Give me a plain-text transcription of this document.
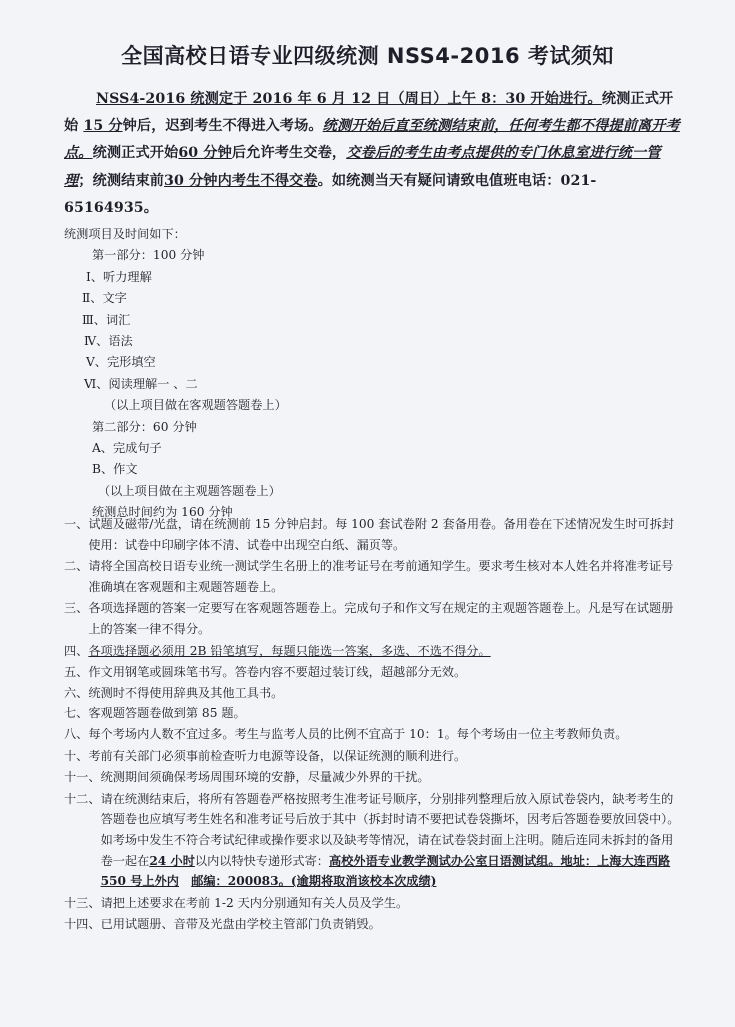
全国高校日语专业四级统测 NSS4-2016 考试须知

NSS4-2016 统测定于 2016 年 6 月 12 日（周日）上午 8：30 开始进行。统测正式开始 15 分钟后，迟到考生不得进入考场。统测开始后直至统测结束前，任何考生都不得提前离开考点。统测正式开始60 分钟后允许考生交卷，交卷后的考生由考点提供的专门休息室进行统一管理；统测结束前30 分钟内考生不得交卷。如统测当天有疑问请致电值班电话：021-65164935。

统测项目及时间如下：
第一部分：100 分钟
Ⅰ、听力理解
Ⅱ、文字
Ⅲ、词汇
Ⅳ、语法
Ⅴ、完形填空
Ⅵ、阅读理解一 、二
（以上项目做在客观题答题卷上）
第二部分：60 分钟
A、完成句子
B、作文
（以上项目做在主观题答题卷上）
统测总时间约为 160 分钟
一、 试题及磁带/光盘，请在统测前 15 分钟启封。每 100 套试卷附 2 套备用卷。备用卷在下述情况发生时可拆封使用：试卷中印刷字体不清、试卷中出现空白纸、漏页等。
二、 请将全国高校日语专业统一测试学生名册上的准考证号在考前通知学生。要求考生核对本人姓名并将准考证号准确填在客观题和主观题答题卷上。
三、 各项选择题的答案一定要写在客观题答题卷上。完成句子和作文写在规定的主观题答题卷上。凡是写在试题册上的答案一律不得分。
四、 各项选择题必须用 2B 铅笔填写，每题只能选一答案，多选、不选不得分。
五、 作文用钢笔或圆珠笔书写。答卷内容不要超过装订线，超越部分无效。
六、 统测时不得使用辞典及其他工具书。
七、 客观题答题卷做到第 85 题。
八、 每个考场内人数不宜过多。考生与监考人员的比例不宜高于 10：1。每个考场由一位主考教师负责。
十、 考前有关部门必须事前检查听力电源等设备，以保证统测的顺利进行。
十一、 统测期间须确保考场周围环境的安静，尽量减少外界的干扰。
十二、 请在统测结束后，将所有答题卷严格按照考生准考证号顺序，分别排列整理后放入原试卷袋内，缺考考生的答题卷也应填写考生姓名和准考证号后放于其中（拆封时请不要把试卷袋撕坏，因考后答题卷要放回袋中）。如考场中发生不符合考试纪律或操作要求以及缺考等情况，请在试卷袋封面上注明。随后连同未拆封的备用卷一起在24 小时以内以特快专递形式寄：高校外语专业教学测试办公室日语测试组。地址：上海大连西路 550 号上外内　 邮编：200083。(逾期将取消该校本次成绩)
十三、 请把上述要求在考前 1-2 天内分别通知有关人员及学生。
十四、 已用试题册、音带及光盘由学校主管部门负责销毁。
